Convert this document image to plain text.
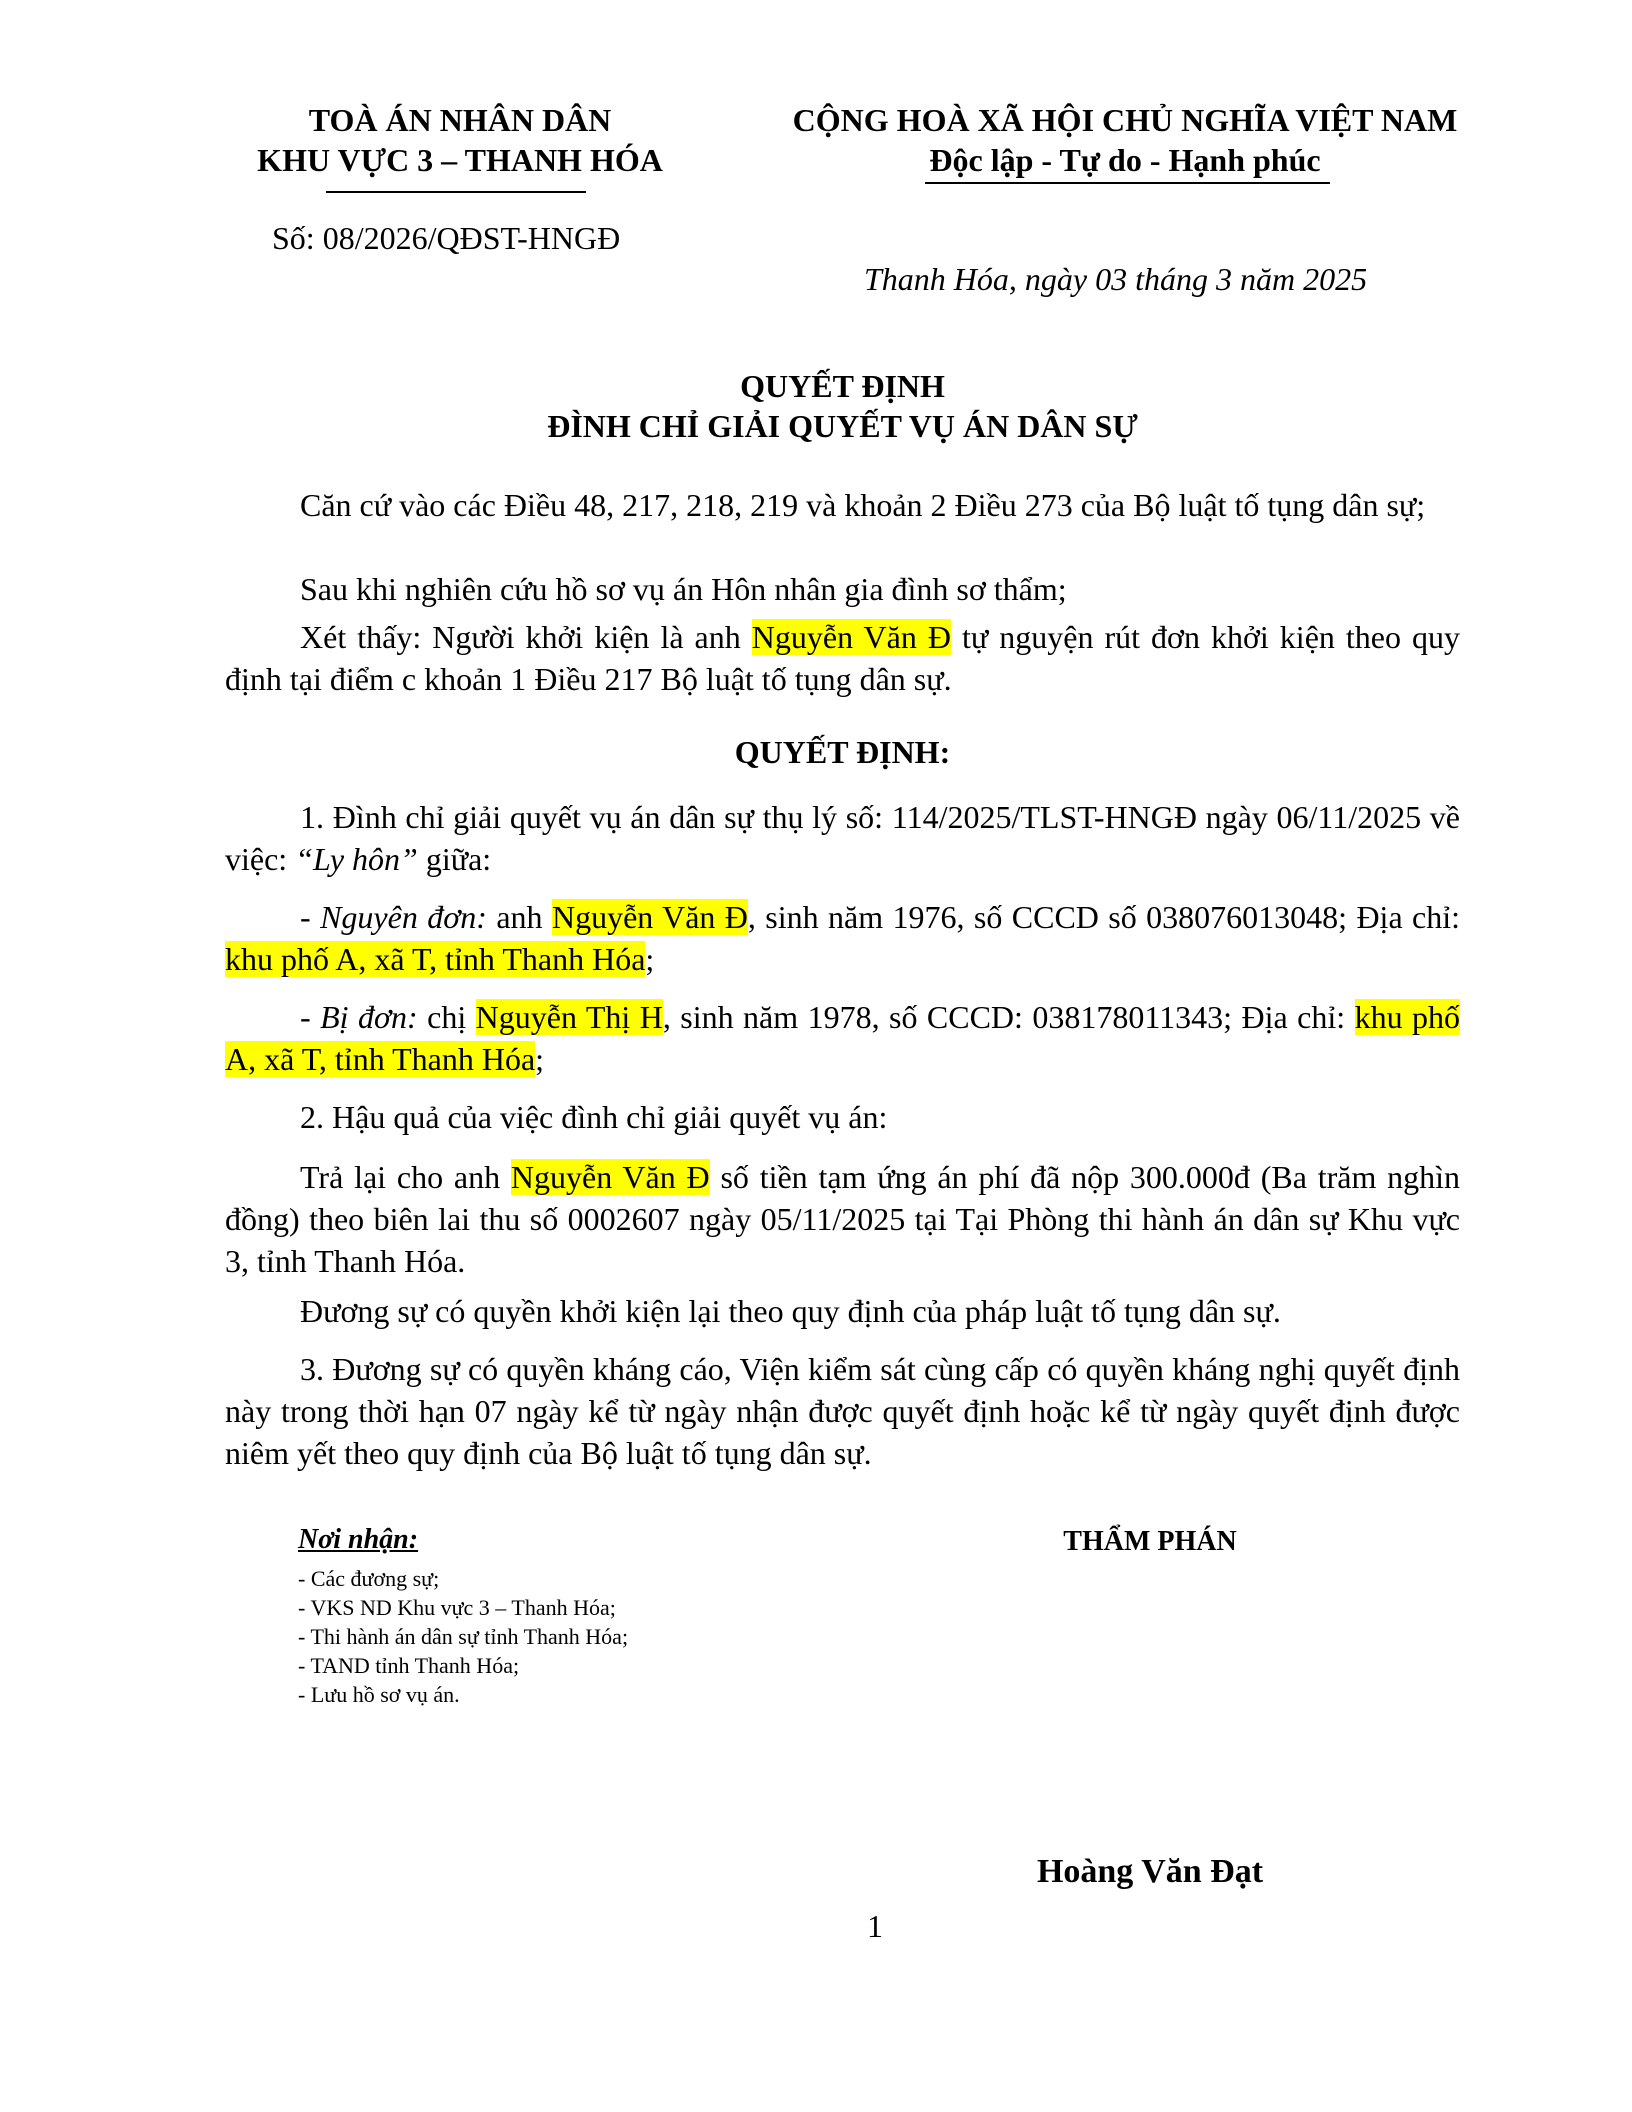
TOÀ ÁN NHÂN DÂN
KHU VỰC 3 – THANH HÓA
CỘNG HOÀ XÃ HỘI CHỦ NGHĨA VIỆT NAM
Độc lập - Tự do - Hạnh phúc
Số: 08/2026/QĐST-HNGĐ
Thanh Hóa, ngày 03 tháng 3 năm 2025
QUYẾT ĐỊNH
ĐÌNH CHỈ GIẢI QUYẾT VỤ ÁN DÂN SỰ
Căn cứ vào các Điều 48, 217, 218, 219 và khoản 2 Điều 273 của Bộ luật tố tụng dân sự;
Sau khi nghiên cứu hồ sơ vụ án Hôn nhân gia đình sơ thẩm;
Xét thấy: Người khởi kiện là anh Nguyễn Văn Đ tự nguyện rút đơn khởi kiện theo quy định tại điểm c khoản 1 Điều 217 Bộ luật tố tụng dân sự.
QUYẾT ĐỊNH:
1. Đình chỉ giải quyết vụ án dân sự thụ lý số: 114/2025/TLST-HNGĐ ngày 06/11/2025 về việc: “Ly hôn” giữa:
- Nguyên đơn: anh Nguyễn Văn Đ, sinh năm 1976, số CCCD số 038076013048; Địa chỉ: khu phố A, xã T, tỉnh Thanh Hóa;
- Bị đơn: chị Nguyễn Thị H, sinh năm 1978, số CCCD: 038178011343; Địa chỉ: khu phố A, xã T, tỉnh Thanh Hóa;
2. Hậu quả của việc đình chỉ giải quyết vụ án:
Trả lại cho anh Nguyễn Văn Đ số tiền tạm ứng án phí đã nộp 300.000đ (Ba trăm nghìn đồng) theo biên lai thu số 0002607 ngày 05/11/2025 tại Tại Phòng thi hành án dân sự Khu vực 3, tỉnh Thanh Hóa.
Đương sự có quyền khởi kiện lại theo quy định của pháp luật tố tụng dân sự.
3. Đương sự có quyền kháng cáo, Viện kiểm sát cùng cấp có quyền kháng nghị quyết định này trong thời hạn 07 ngày kể từ ngày nhận được quyết định hoặc kể từ ngày quyết định được niêm yết theo quy định của Bộ luật tố tụng dân sự.
Nơi nhận:
- Các đương sự;
- VKS ND Khu vực 3 – Thanh Hóa;
- Thi hành án dân sự tỉnh Thanh Hóa;
- TAND tỉnh Thanh Hóa;
- Lưu hồ sơ vụ án.
THẨM PHÁN
Hoàng Văn Đạt
1
